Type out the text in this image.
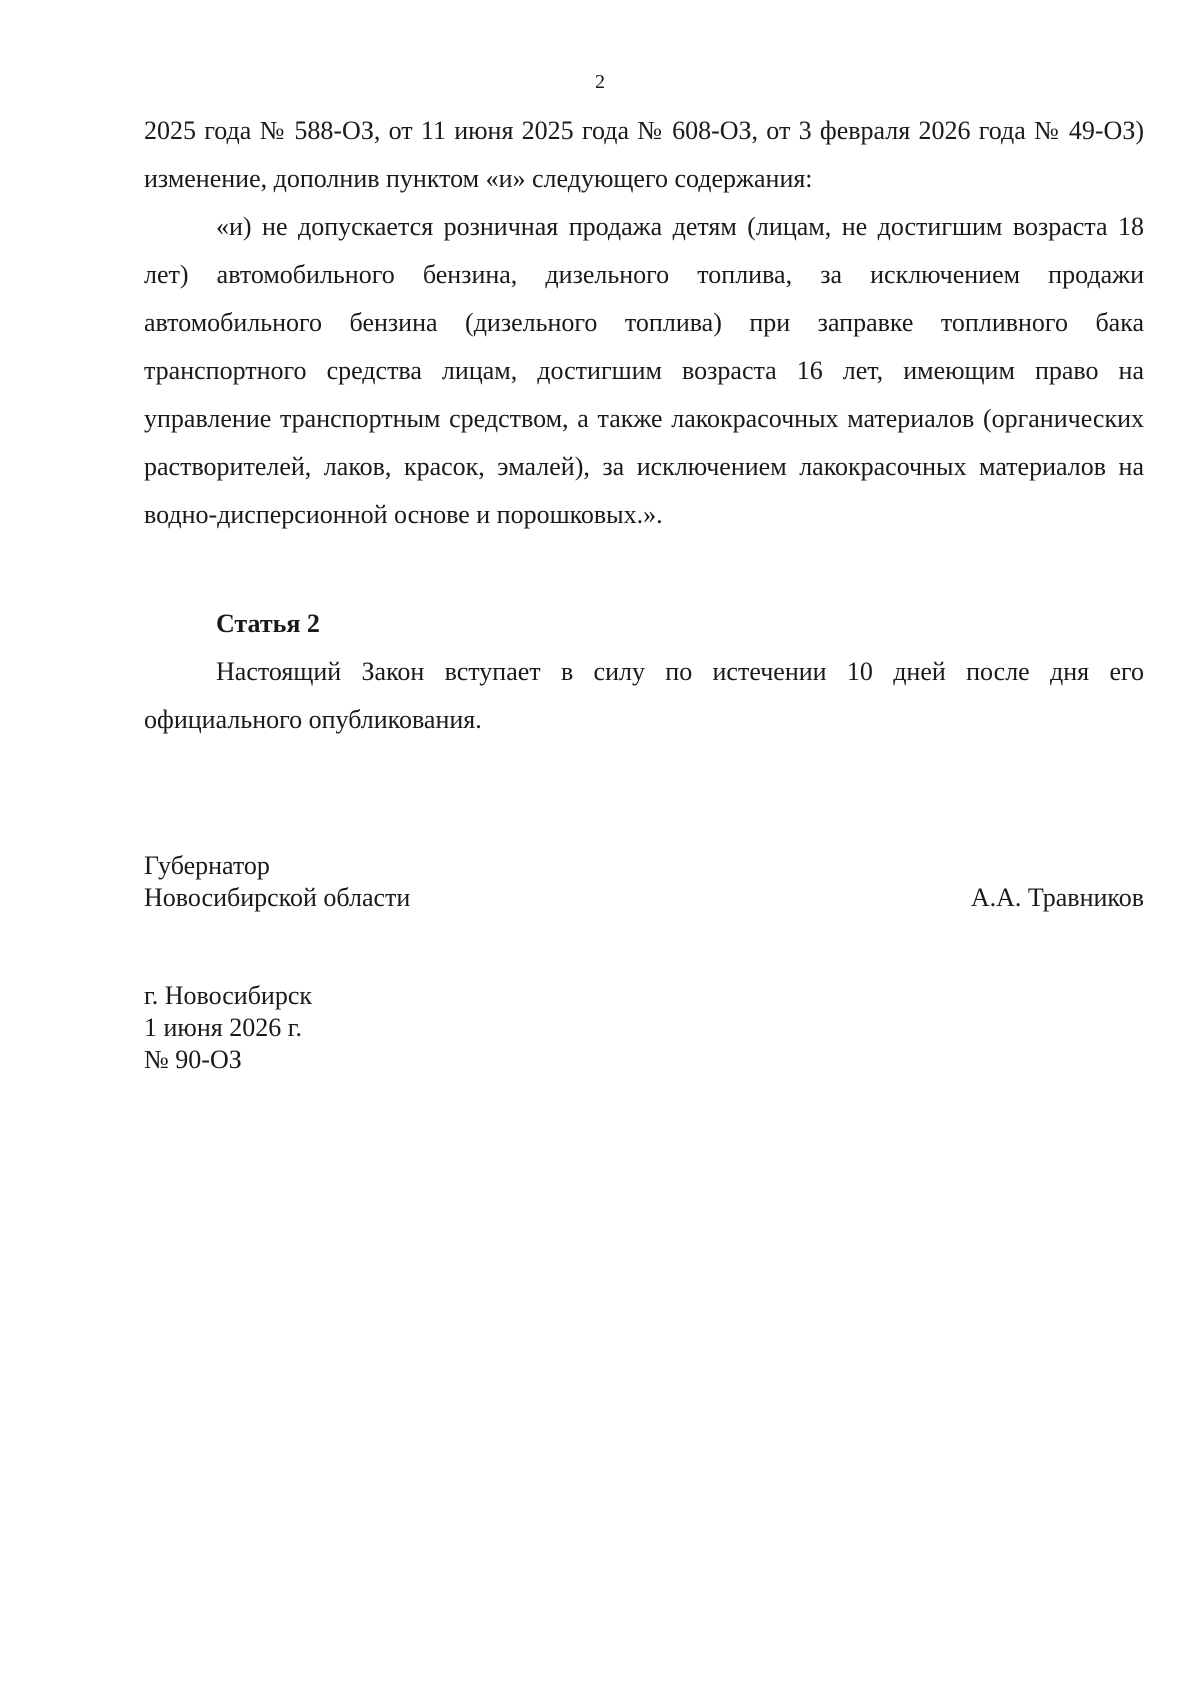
2

2025 года № 588-ОЗ, от 11 июня 2025 года № 608-ОЗ, от 3 февраля 2026 года № 49-ОЗ) изменение, дополнив пунктом «и» следующего содержания:

«и) не допускается розничная продажа детям (лицам, не достигшим возраста 18 лет) автомобильного бензина, дизельного топлива, за исключением продажи автомобильного бензина (дизельного топлива) при заправке топливного бака транспортного средства лицам, достигшим возраста 16 лет, имеющим право на управление транспортным средством, а также лакокрасочных материалов (органических растворителей, лаков, красок, эмалей), за исключением лакокрасочных материалов на водно-дисперсионной основе и порошковых.».

Статья 2

Настоящий Закон вступает в силу по истечении 10 дней после дня его официального опубликования.

Губернатор
Новосибирской области	А.А. Травников
г. Новосибирск
1 июня 2026 г.
№ 90-ОЗ
